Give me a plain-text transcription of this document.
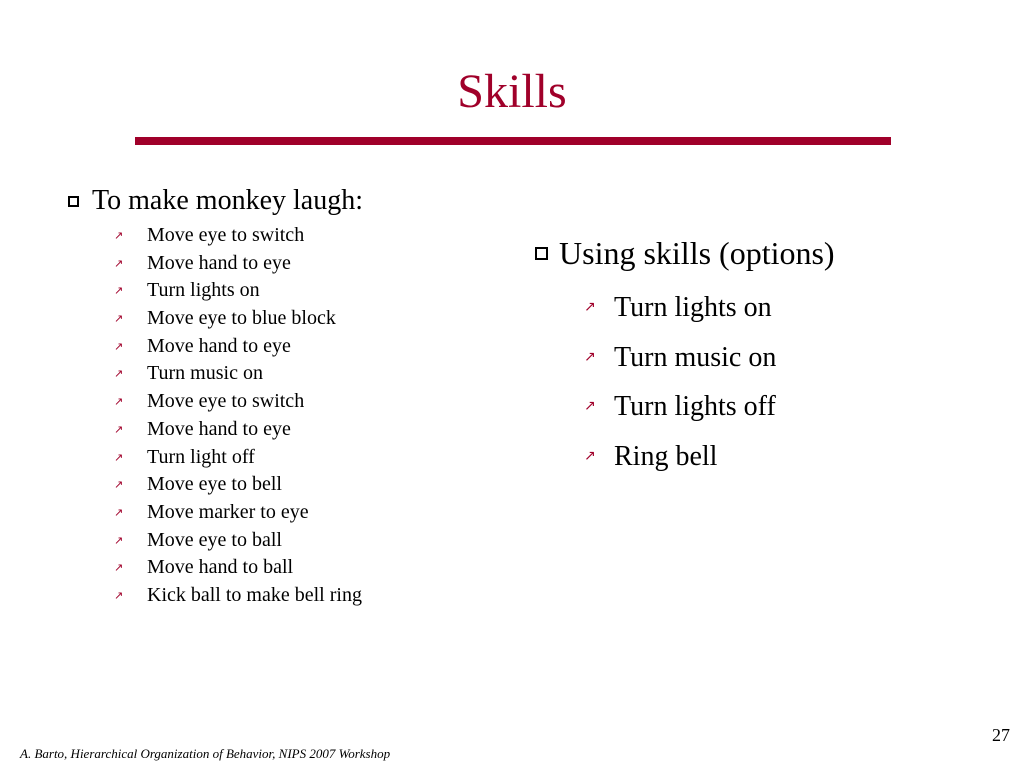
Skills
To make monkey laugh:
↗	Move eye to switch
↗	Move hand to eye
↗	Turn lights on
↗	Move eye to blue block
↗	Move hand to eye
↗	Turn music on
↗	Move eye to switch
↗	Move hand to eye
↗	Turn light off
↗	Move eye to bell
↗	Move marker to eye
↗	Move eye to ball
↗	Move hand to ball
↗	Kick ball to make bell ring
Using skills (options)
↗ Turn lights on
↗ Turn music on
↗ Turn lights off
↗ Ring bell
A. Barto, Hierarchical Organization of Behavior, NIPS 2007 Workshop
27
